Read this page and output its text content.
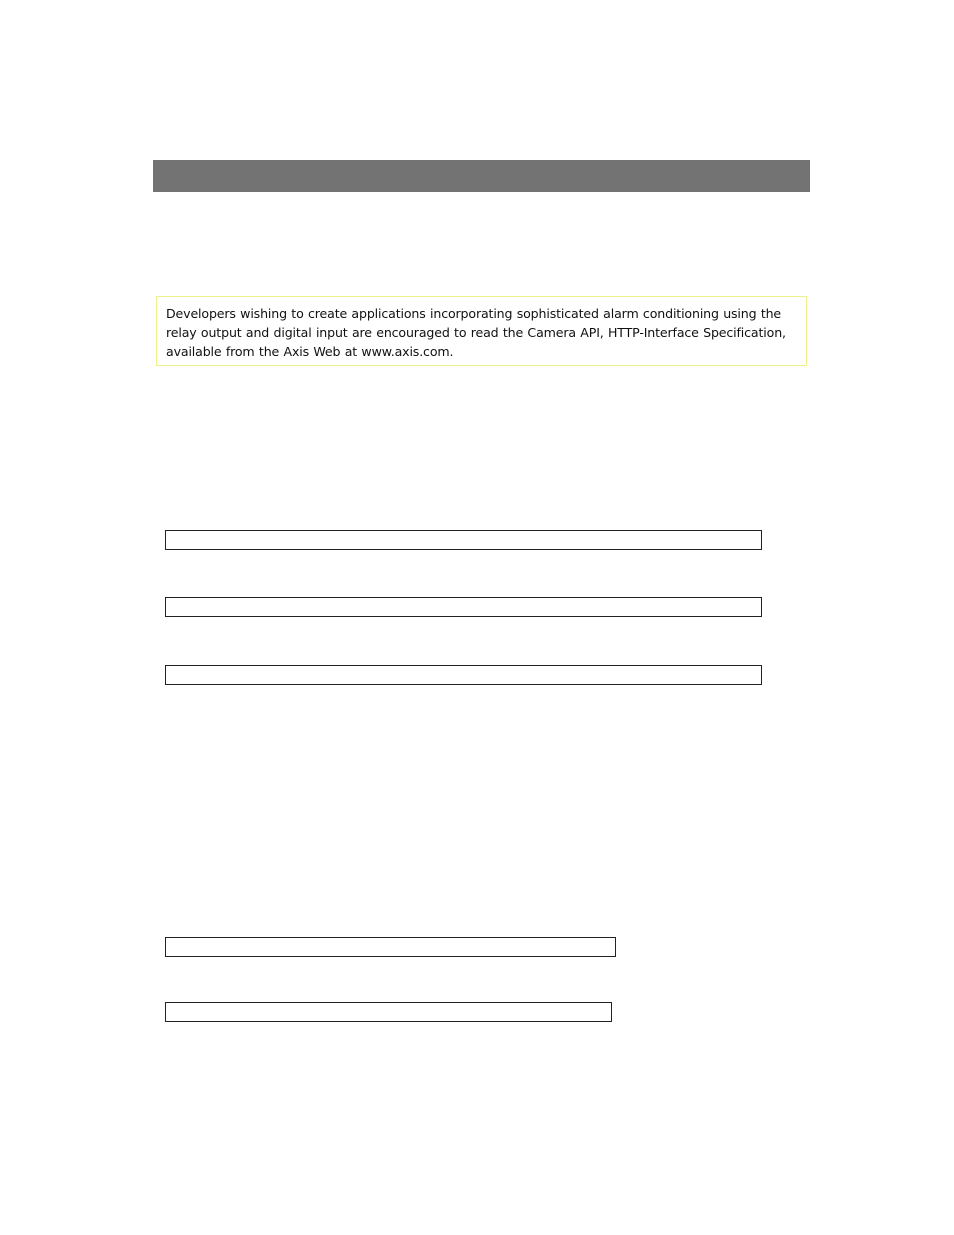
Developers wishing to create applications incorporating sophisticated alarm conditioning using the relay output and digital input are encouraged to read the Camera API, HTTP-Interface Specification, available from the Axis Web at www.axis.com.
